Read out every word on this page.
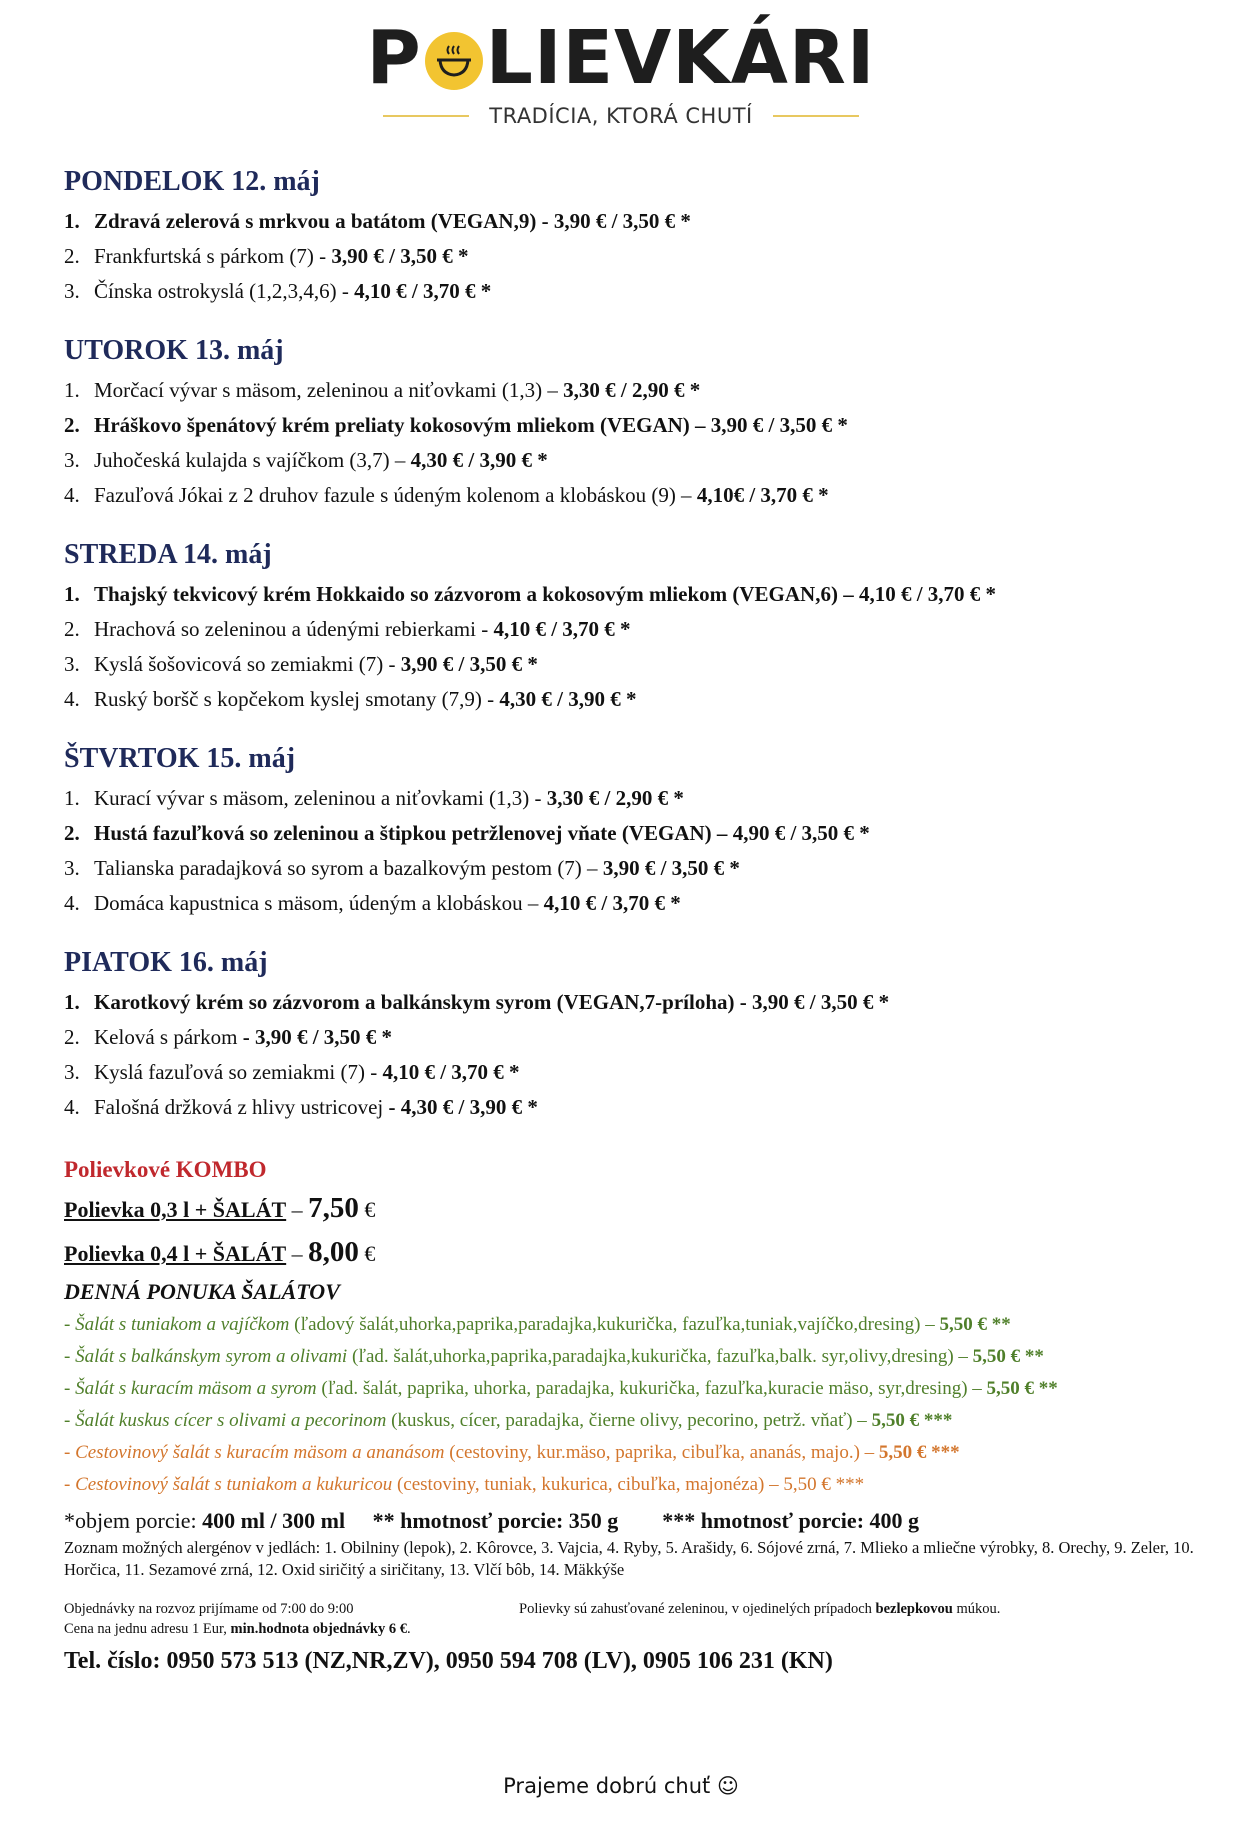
P LIEVKÁRI
TRADÍCIA, KTORÁ CHUTÍ
PONDELOK 12. máj
1. Zdravá zelerová s mrkvou a batátom (VEGAN,9) - 3,90 € / 3,50 € *
2. Frankfurtská s párkom (7) - 3,90 € / 3,50 € *
3. Čínska ostrokyslá (1,2,3,4,6) - 4,10 € / 3,70 € *
UTOROK 13. máj
1. Morčací vývar s mäsom, zeleninou a niťovkami (1,3) – 3,30 € / 2,90 € *
2. Hráškovo špenátový krém preliaty kokosovým mliekom (VEGAN) – 3,90 € / 3,50 € *
3. Juhočeská kulajda s vajíčkom (3,7) – 4,30 € / 3,90 € *
4. Fazuľová Jókai z 2 druhov fazule s údeným kolenom a klobáskou (9) – 4,10€ / 3,70 € *
STREDA 14. máj
1. Thajský tekvicový krém Hokkaido so zázvorom a kokosovým mliekom (VEGAN,6) – 4,10 € / 3,70 € *
2. Hrachová so zeleninou a údenými rebierkami - 4,10 € / 3,70 € *
3. Kyslá šošovicová so zemiakmi (7) - 3,90 € / 3,50 € *
4. Ruský boršč s kopčekom kyslej smotany (7,9) - 4,30 € / 3,90 € *
ŠTVRTOK 15. máj
1. Kurací vývar s mäsom, zeleninou a niťovkami (1,3) - 3,30 € / 2,90 € *
2. Hustá fazuľková so zeleninou a štipkou petržlenovej vňate (VEGAN) – 4,90 € / 3,50 € *
3. Talianska paradajková so syrom a bazalkovým pestom (7) – 3,90 € / 3,50 € *
4. Domáca kapustnica s mäsom, údeným a klobáskou – 4,10 € / 3,70 € *
PIATOK 16. máj
1. Karotkový krém so zázvorom a balkánskym syrom (VEGAN,7-príloha) - 3,90 € / 3,50 € *
2. Kelová s párkom - 3,90 € / 3,50 € *
3. Kyslá fazuľová so zemiakmi (7) - 4,10 € / 3,70 € *
4. Falošná držková z hlivy ustricovej - 4,30 € / 3,90 € *
Polievkové KOMBO
Polievka 0,3 l + ŠALÁT – 7,50 €
Polievka 0,4 l + ŠALÁT – 8,00 €
DENNÁ PONUKA ŠALÁTOV
- Šalát s tuniakom a vajíčkom (ľadový šalát,uhorka,paprika,paradajka,kukurička, fazuľka,tuniak,vajíčko,dresing) – 5,50 € **
- Šalát s balkánskym syrom a olivami (ľad. šalát,uhorka,paprika,paradajka,kukurička, fazuľka,balk. syr,olivy,dresing) – 5,50 € **
- Šalát s kuracím mäsom a syrom (ľad. šalát, paprika, uhorka, paradajka, kukurička, fazuľka,kuracie mäso, syr,dresing) – 5,50 € **
- Šalát kuskus cícer s olivami a pecorinom (kuskus, cícer, paradajka, čierne olivy, pecorino, petrž. vňať) – 5,50 € ***
- Cestovinový šalát s kuracím mäsom a ananásom (cestoviny, kur.mäso, paprika, cibuľka, ananás, majo.) – 5,50 € ***
- Cestovinový šalát s tuniakom a kukuricou (cestoviny, tuniak, kukurica, cibuľka, majonéza) – 5,50 € ***
*objem porcie: 400 ml / 300 ml ** hmotnosť porcie: 350 g *** hmotnosť porcie: 400 g
Zoznam možných alergénov v jedlách: 1. Obilniny (lepok), 2. Kôrovce, 3. Vajcia, 4. Ryby, 5. Arašidy, 6. Sójové zrná, 7. Mlieko a mliečne výrobky, 8. Orechy, 9. Zeler, 10. Horčica, 11. Sezamové zrná, 12. Oxid siričitý a siričitany, 13. Vlčí bôb, 14. Mäkkýše
Objednávky na rozvoz prijímame od 7:00 do 9:00
Cena na jednu adresu 1 Eur, min.hodnota objednávky 6 €.
Polievky sú zahusťované zeleninou, v ojedinelých prípadoch bezlepkovou múkou.
Tel. číslo: 0950 573 513 (NZ,NR,ZV), 0950 594 708 (LV), 0905 106 231 (KN)
Prajeme dobrú chuť ☺
